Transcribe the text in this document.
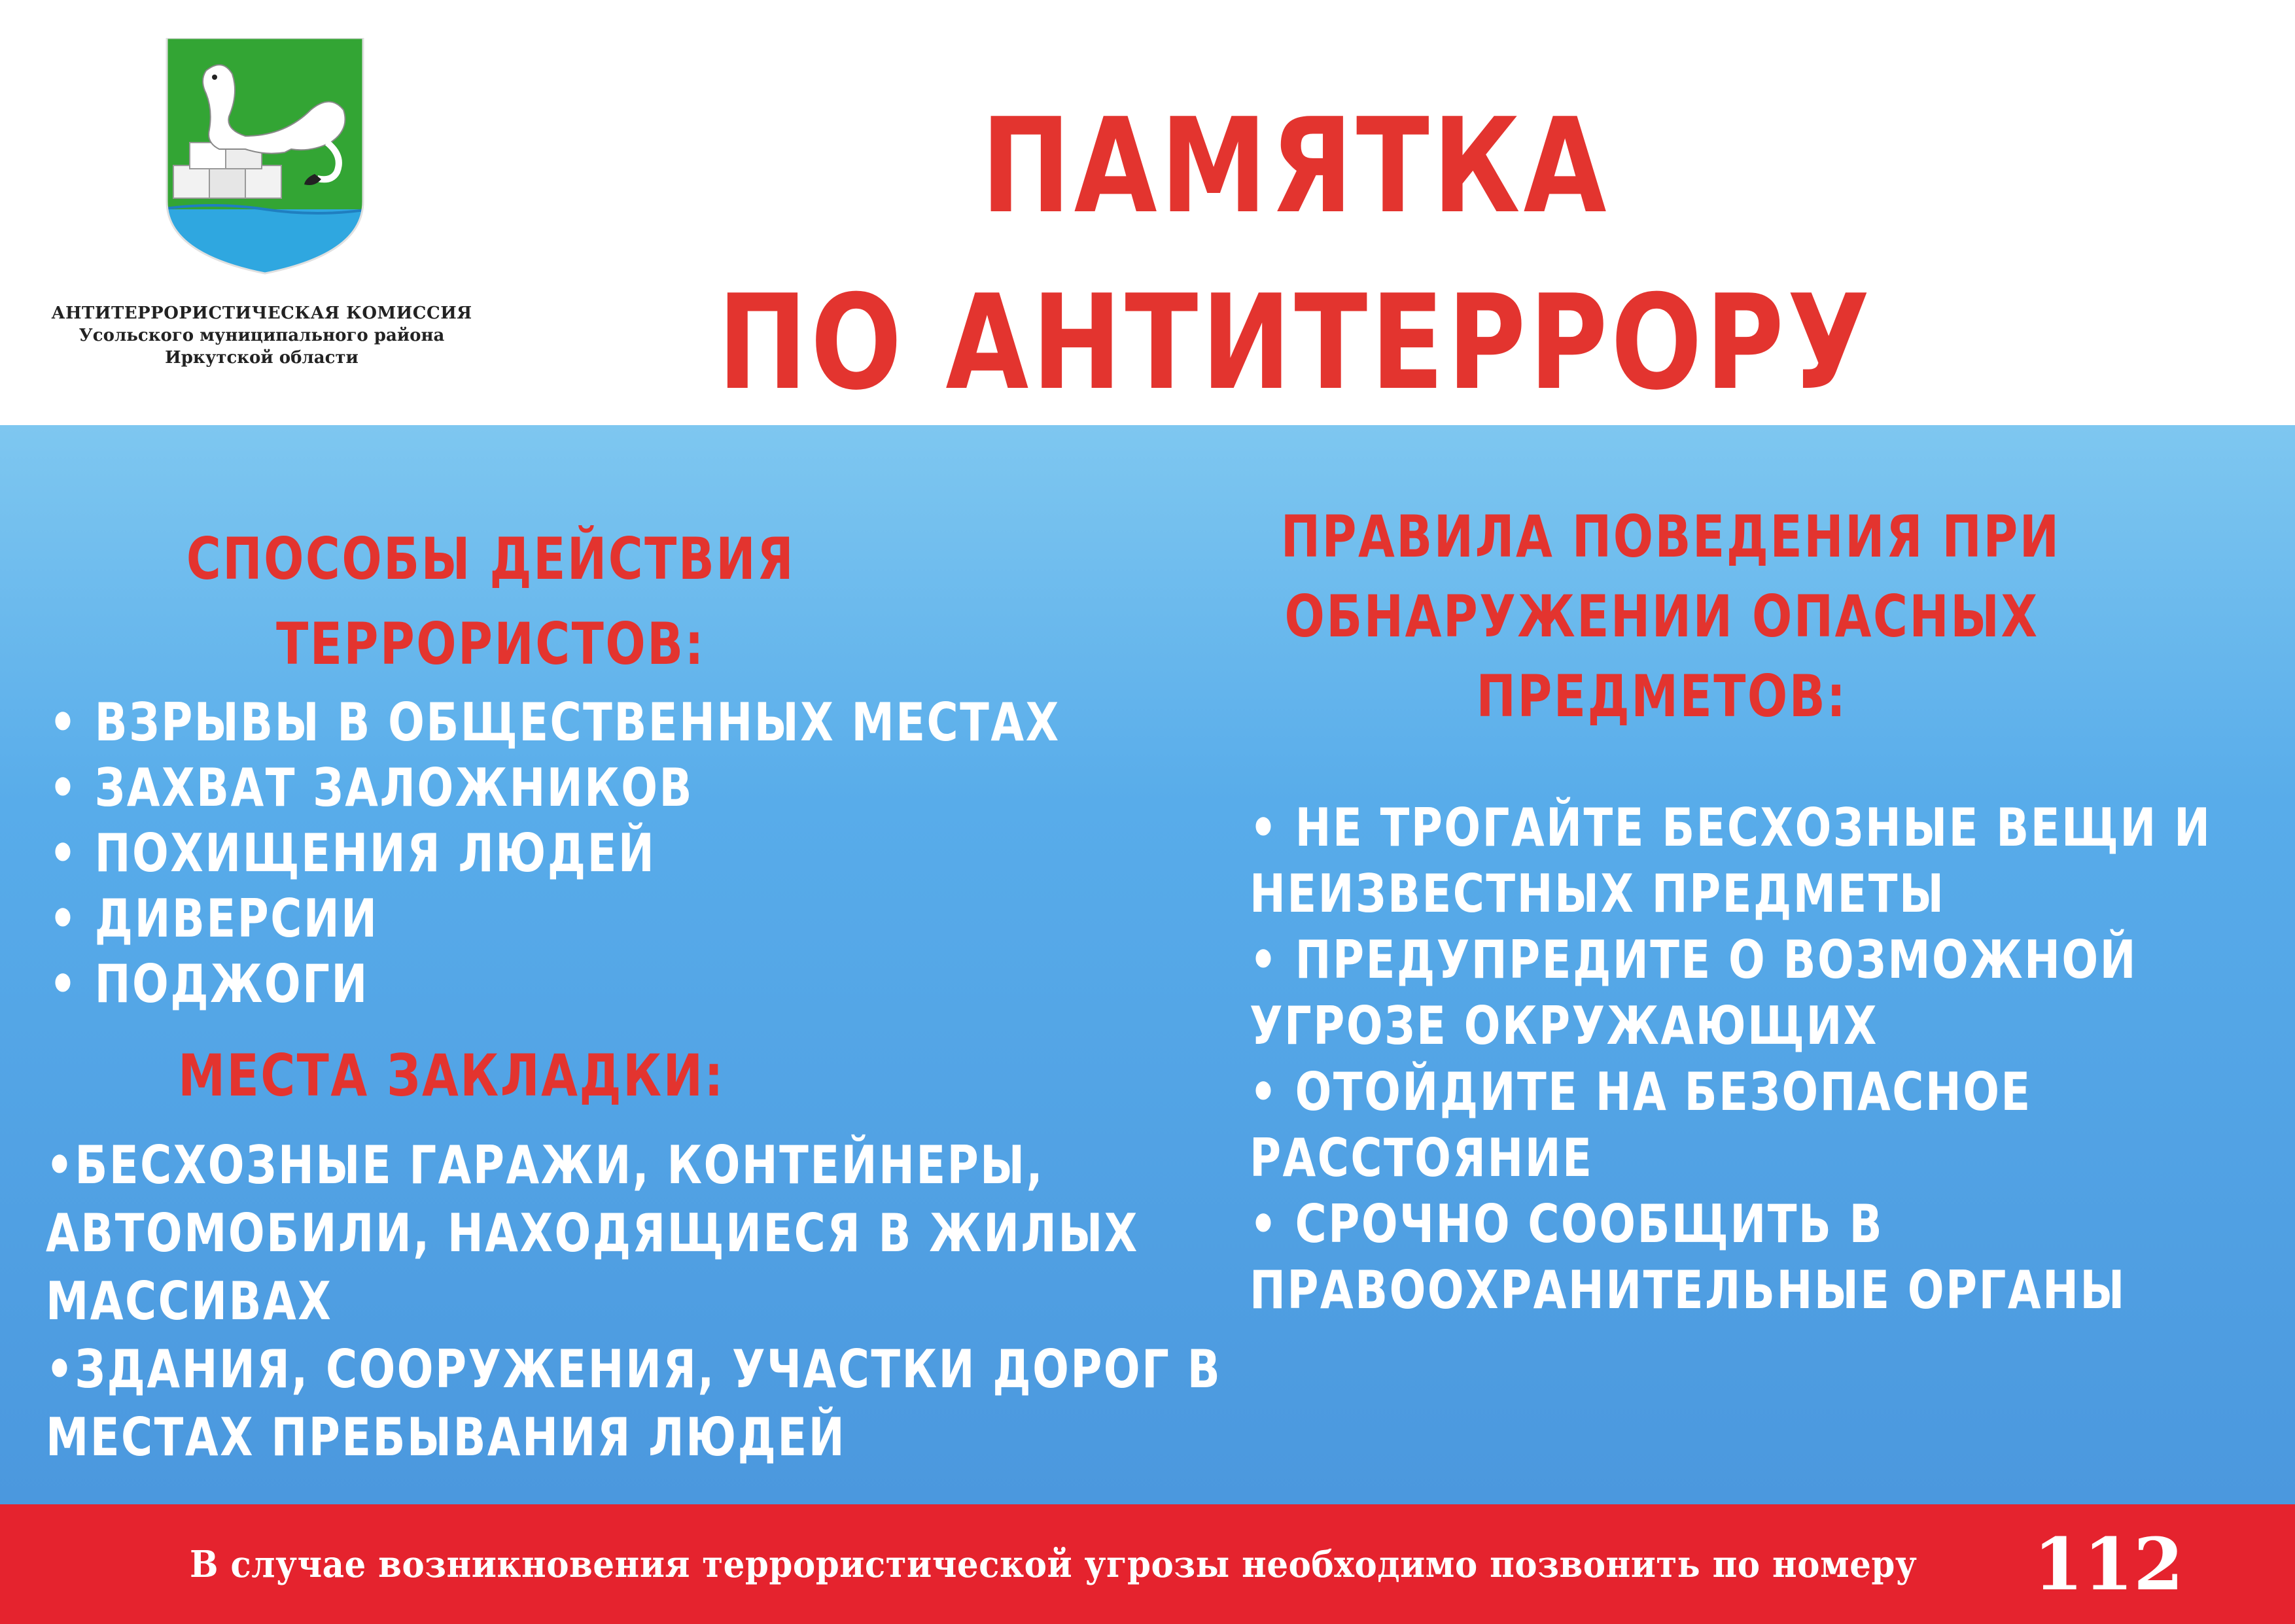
АНТИТЕРРОРИСТИЧЕСКАЯ КОМИССИЯ
Усольского муниципального района
Иркутской области
ПАМЯТКА
ПО АНТИТЕРРОРУ
СПОСОБЫ ДЕЙСТВИЯ
ТЕРРОРИСТОВ:
• ВЗРЫВЫ В ОБЩЕСТВЕННЫХ МЕСТАХ
• ЗАХВАТ ЗАЛОЖНИКОВ
• ПОХИЩЕНИЯ ЛЮДЕЙ
• ДИВЕРСИИ
• ПОДЖОГИ
МЕСТА ЗАКЛАДКИ:
• БЕСХОЗНЫЕ ГАРАЖИ, КОНТЕЙНЕРЫ,
АВТОМОБИЛИ, НАХОДЯЩИЕСЯ В ЖИЛЫХ
МАССИВАХ
• ЗДАНИЯ, СООРУЖЕНИЯ, УЧАСТКИ ДОРОГ В
МЕСТАХ ПРЕБЫВАНИЯ ЛЮДЕЙ
ПРАВИЛА ПОВЕДЕНИЯ ПРИ
ОБНАРУЖЕНИИ ОПАСНЫХ
ПРЕДМЕТОВ:
• НЕ ТРОГАЙТЕ БЕСХОЗНЫЕ ВЕЩИ И
НЕИЗВЕСТНЫХ ПРЕДМЕТЫ
• ПРЕДУПРЕДИТЕ О ВОЗМОЖНОЙ
УГРОЗЕ ОКРУЖАЮЩИХ
• ОТОЙДИТЕ НА БЕЗОПАСНОЕ
РАССТОЯНИЕ
• СРОЧНО СООБЩИТЬ В
ПРАВООХРАНИТЕЛЬНЫЕ ОРГАНЫ
В случае возникновения террористической угрозы необходимо позвонить по номеру 112
